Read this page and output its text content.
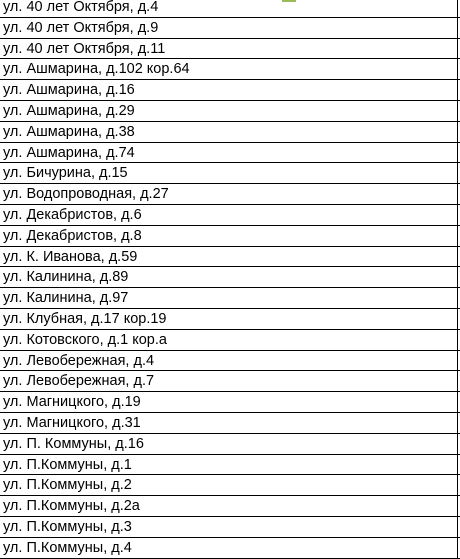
ул. 40 лет Октября, д.4
ул. 40 лет Октября, д.9
ул. 40 лет Октября, д.11
ул. Ашмарина, д.102 кор.64
ул. Ашмарина, д.16
ул. Ашмарина, д.29
ул. Ашмарина, д.38
ул. Ашмарина, д.74
ул. Бичурина, д.15
ул. Водопроводная, д.27
ул. Декабристов, д.6
ул. Декабристов, д.8
ул. К. Иванова, д.59
ул. Калинина, д.89
ул. Калинина, д.97
ул. Клубная, д.17 кор.19
ул. Котовского, д.1 кор.а
ул. Левобережная, д.4
ул. Левобережная, д.7
ул. Магницкого, д.19
ул. Магницкого, д.31
ул. П. Коммуны, д.16
ул. П.Коммуны, д.1
ул. П.Коммуны, д.2
ул. П.Коммуны, д.2а
ул. П.Коммуны, д.3
ул. П.Коммуны, д.4
